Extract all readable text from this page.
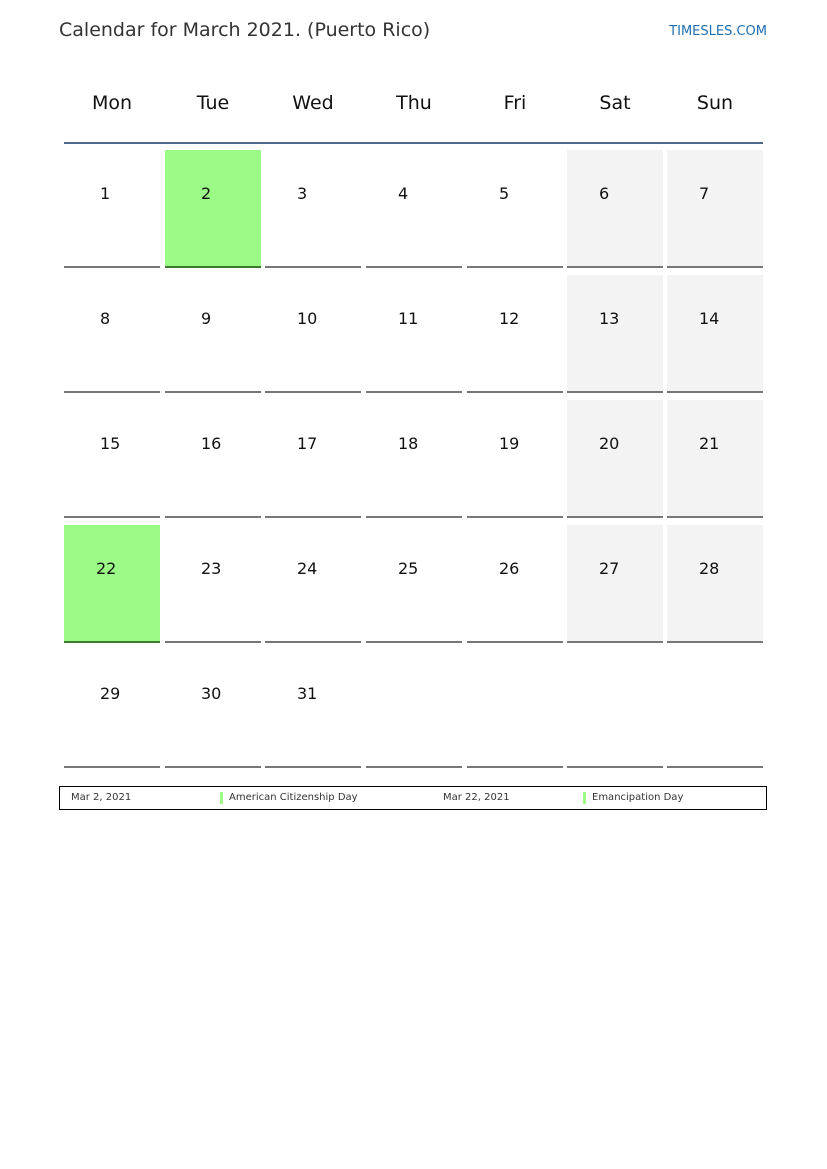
Calendar for March 2021. (Puerto Rico)	TIMESLES.COM
Mon	Tue	Wed	Thu	Fri	Sat	Sun
1	2	3	4	5	6	7
8	9	10	11	12	13	14
15	16	17	18	19	20	21
22	23	24	25	26	27	28
29	30	31
Mar 2, 2021	American Citizenship Day	Mar 22, 2021	Emancipation Day
